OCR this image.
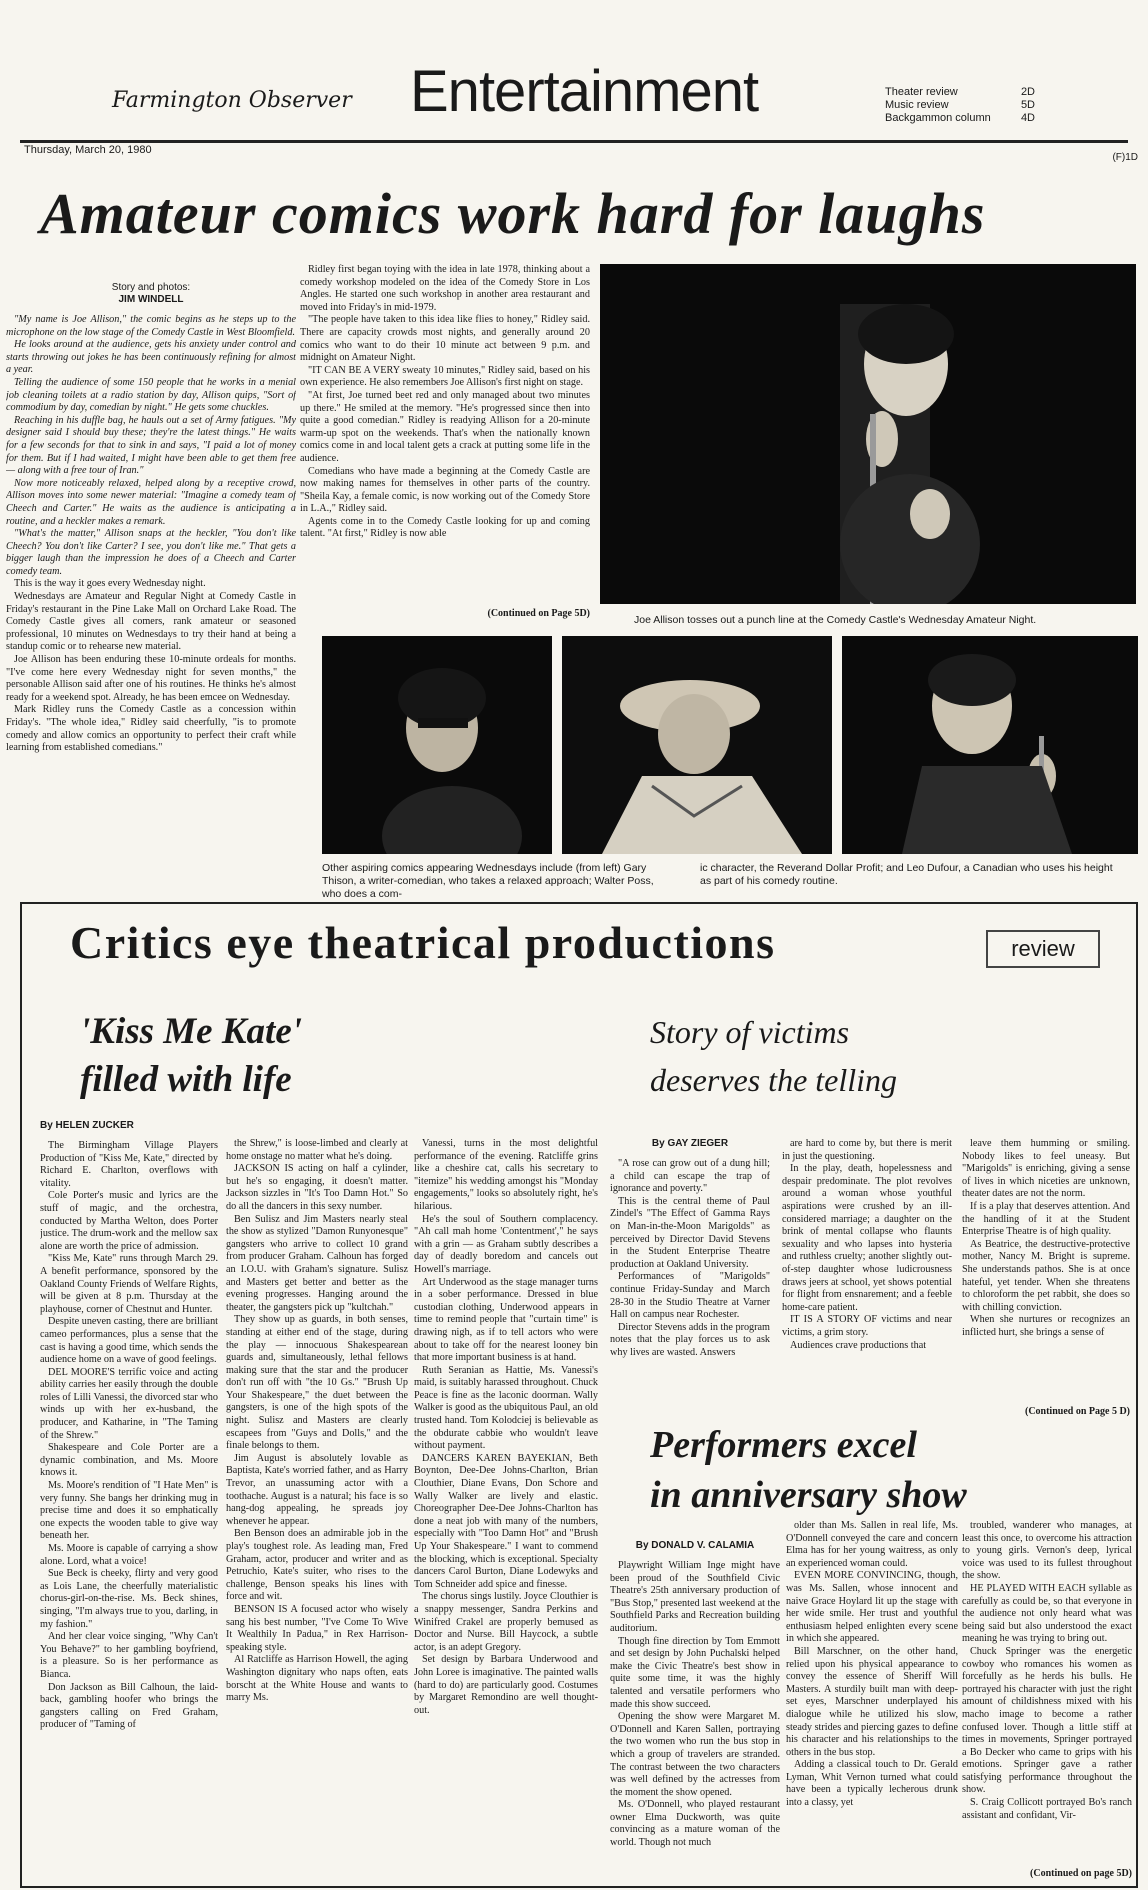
Farmington Observer Entertainment	Theater review	2D
Music review	5D
Backgammon column	4D
Thursday, March 20, 1980
(F)1D
Amateur comics work hard for laughs
Story and photos:
JIM WINDELL

"My name is Joe Allison," the comic begins as he steps up to the microphone on the low stage of the Comedy Castle in West Bloomfield.

He looks around at the audience, gets his anxiety under control and starts throwing out jokes he has been continuously refining for almost a year.

Telling the audience of some 150 people that he works in a menial job cleaning toilets at a radio station by day, Allison quips, "Sort of commodium by day, comedian by night." He gets some chuckles.

Reaching in his duffle bag, he hauls out a set of Army fatigues. "My designer said I should buy these; they're the latest things." He waits for a few seconds for that to sink in and says, "I paid a lot of money for them. But if I had waited, I might have been able to get them free — along with a free tour of Iran."

Now more noticeably relaxed, helped along by a receptive crowd, Allison moves into some newer material: "Imagine a comedy team of Cheech and Carter." He waits as the audience is anticipating a routine, and a heckler makes a remark.

"What's the matter," Allison snaps at the heckler, "You don't like Cheech? You don't like Carter? I see, you don't like me." That gets a bigger laugh than the impression he does of a Cheech and Carter comedy team.

This is the way it goes every Wednesday night.

Wednesdays are Amateur and Regular Night at Comedy Castle in Friday's restaurant in the Pine Lake Mall on Orchard Lake Road. The Comedy Castle gives all comers, rank amateur or seasoned professional, 10 minutes on Wednesdays to try their hand at being a standup comic or to rehearse new material.

Joe Allison has been enduring these 10-minute ordeals for months. "I've come here every Wednesday night for seven months," the personable Allison said after one of his routines. He thinks he's almost ready for a weekend spot. Already, he has been emcee on Wednesday.

Mark Ridley runs the Comedy Castle as a concession within Friday's. "The whole idea," Ridley said cheerfully, "is to promote comedy and allow comics an opportunity to perfect their craft while learning from established comedians."

Ridley first began toying with the idea in late 1978, thinking about a comedy workshop modeled on the idea of the Comedy Store in Los Angles. He started one such workshop in another area restaurant and moved into Friday's in mid-1979.

"The people have taken to this idea like flies to honey," Ridley said. There are capacity crowds most nights, and generally around 20 comics who want to do their 10 minute act between 9 p.m. and midnight on Amateur Night.

"IT CAN BE A VERY sweaty 10 minutes," Ridley said, based on his own experience. He also remembers Joe Allison's first night on stage.

"At first, Joe turned beet red and only managed about two minutes up there." He smiled at the memory. "He's progressed since then into quite a good comedian." Ridley is readying Allison for a 20-minute warm-up spot on the weekends. That's when the nationally known comics come in and local talent gets a crack at putting some life in the audience.

Comedians who have made a beginning at the Comedy Castle are now making names for themselves in other parts of the country. "Sheila Kay, a female comic, is now working out of the Comedy Store in L.A.," Ridley said.

Agents come in to the Comedy Castle looking for up and coming talent. "At first," Ridley is now able

(Continued on Page 5D)
Joe Allison tosses out a punch line at the Comedy Castle's Wednesday Amateur Night.
Other aspiring comics appearing Wednesdays include (from left) Gary Thison, a writer-comedian, who takes a relaxed approach; Walter Poss, who does a com-
ic character, the Reverand Dollar Profit; and Leo Dufour, a Canadian who uses his height as part of his comedy routine.
Critics eye theatrical productions	review
'Kiss Me Kate'
filled with life
By HELEN ZUCKER

The Birmingham Village Players Production of "Kiss Me, Kate," directed by Richard E. Charlton, overflows with vitality.

Cole Porter's music and lyrics are the stuff of magic, and the orchestra, conducted by Martha Welton, does Porter justice. The drum-work and the mellow sax alone are worth the price of admission.

"Kiss Me, Kate" runs through March 29. A benefit performance, sponsored by the Oakland County Friends of Welfare Rights, will be given at 8 p.m. Thursday at the playhouse, corner of Chestnut and Hunter.

Despite uneven casting, there are brilliant cameo performances, plus a sense that the cast is having a good time, which sends the audience home on a wave of good feelings.

DEL MOORE'S terrific voice and acting ability carries her easily through the double roles of Lilli Vanessi, the divorced star who winds up with her ex-husband, the producer, and Katharine, in "The Taming of the Shrew."

Shakespeare and Cole Porter are a dynamic combination, and Ms. Moore knows it.

Ms. Moore's rendition of "I Hate Men" is very funny. She bangs her drinking mug in precise time and does it so emphatically one expects the wooden table to give way beneath her.

Ms. Moore is capable of carrying a show alone. Lord, what a voice!

Sue Beck is cheeky, flirty and very good as Lois Lane, the cheerfully materialistic chorus-girl-on-the-rise. Ms. Beck shines, singing, "I'm always true to you, darling, in my fashion."

And her clear voice singing, "Why Can't You Behave?" to her gambling boyfriend, is a pleasure. So is her performance as Bianca.

Don Jackson as Bill Calhoun, the laid-back, gambling hoofer who brings the gangsters calling on Fred Graham, producer of "Taming of

the Shrew," is loose-limbed and clearly at home onstage no matter what he's doing.

JACKSON IS acting on half a cylinder, but he's so engaging, it doesn't matter. Jackson sizzles in "It's Too Damn Hot." So do all the dancers in this sexy number.

Ben Sulisz and Jim Masters nearly steal the show as stylized "Damon Runyonesque" gangsters who arrive to collect 10 grand from producer Graham. Calhoun has forged an I.O.U. with Graham's signature. Sulisz and Masters get better and better as the evening progresses. Hanging around the theater, the gangsters pick up "kultchah."

They show up as guards, in both senses, standing at either end of the stage, during the play — innocuous Shakespearean guards and, simultaneously, lethal fellows making sure that the star and the producer don't run off with "the 10 Gs." "Brush Up Your Shakespeare," the duet between the gangsters, is one of the high spots of the night. Sulisz and Masters are clearly escapees from "Guys and Dolls," and the finale belongs to them.

Jim August is absolutely lovable as Baptista, Kate's worried father, and as Harry Trevor, an unassuming actor with a toothache. August is a natural; his face is so hang-dog appealing, he spreads joy whenever he appear.

Ben Benson does an admirable job in the play's toughest role. As leading man, Fred Graham, actor, producer and writer and as Petruchio, Kate's suiter, who rises to the challenge, Benson speaks his lines with force and wit.

BENSON IS A focused actor who wisely sang his best number, "I've Come To Wive It Wealthily In Padua," in Rex Harrison-speaking style.

Al Ratcliffe as Harrison Howell, the aging Washington dignitary who naps often, eats borscht at the White House and wants to marry Ms.

Vanessi, turns in the most delightful performance of the evening. Ratcliffe grins like a cheshire cat, calls his secretary to "itemize" his wedding amongst his "Monday engagements," looks so absolutely right, he's hilarious.

He's the soul of Southern complacency. "Ah call mah home 'Contentment'," he says with a grin — as Graham subtly describes a day of deadly boredom and cancels out Howell's marriage.

Art Underwood as the stage manager turns in a sober performance. Dressed in blue custodian clothing, Underwood appears in time to remind people that "curtain time" is drawing nigh, as if to tell actors who were about to take off for the nearest looney bin that more important business is at hand.

Ruth Seranian as Hattie, Ms. Vanessi's maid, is suitably harassed throughout. Chuck Peace is fine as the laconic doorman. Wally Walker is good as the ubiquitous Paul, an old trusted hand. Tom Kolodciej is believable as the obdurate cabbie who wouldn't leave without payment.

DANCERS KAREN BAYEKIAN, Beth Boynton, Dee-Dee Johns-Charlton, Brian Clouthier, Diane Evans, Don Schore and Wally Walker are lively and elastic. Choreographer Dee-Dee Johns-Charlton has done a neat job with many of the numbers, especially with "Too Damn Hot" and "Brush Up Your Shakespeare." I want to commend the blocking, which is exceptional. Specialty dancers Carol Burton, Diane Lodewyks and Tom Schneider add spice and finesse.

The chorus sings lustily. Joyce Clouthier is a snappy messenger, Sandra Perkins and Winifred Crakel are properly bemused as Doctor and Nurse. Bill Haycock, a subtle actor, is an adept Gregory.

Set design by Barbara Underwood and John Loree is imaginative. The painted walls (hard to do) are particularly good. Costumes by Margaret Remondino are well thought-out.

Story of victims
deserves the telling
By GAY ZIEGER

"A rose can grow out of a dung hill; a child can escape the trap of ignorance and poverty."

This is the central theme of Paul Zindel's "The Effect of Gamma Rays on Man-in-the-Moon Marigolds" as perceived by Director David Stevens in the Student Enterprise Theatre production at Oakland University.

Performances of "Marigolds" continue Friday-Sunday and March 28-30 in the Studio Theatre at Varner Hall on campus near Rochester.

Director Stevens adds in the program notes that the play forces us to ask why lives are wasted. Answers

are hard to come by, but there is merit in just the questioning.

In the play, death, hopelessness and despair predominate. The plot revolves around a woman whose youthful aspirations were crushed by an ill-considered marriage; a daughter on the brink of mental collapse who flaunts sexuality and who lapses into hysteria and ruthless cruelty; another slightly out-of-step daughter whose ludicrousness draws jeers at school, yet shows potential for flight from ensnarement; and a feeble home-care patient.

IT IS A STORY OF victims and near victims, a grim story.

Audiences crave productions that

leave them humming or smiling. Nobody likes to feel uneasy. But "Marigolds" is enriching, giving a sense of lives in which niceties are unknown, theater dates are not the norm.

If is a play that deserves attention. And the handling of it at the Student Enterprise Theatre is of high quality.

As Beatrice, the destructive-protective mother, Nancy M. Bright is supreme. She understands pathos. She is at once hateful, yet tender. When she threatens to chloroform the pet rabbit, she does so with chilling conviction.

When she nurtures or recognizes an inflicted hurt, she brings a sense of

(Continued on Page 5 D)
Performers excel
in anniversary show
By DONALD V. CALAMIA

Playwright William Inge might have been proud of the Southfield Civic Theatre's 25th anniversary production of "Bus Stop," presented last weekend at the Southfield Parks and Recreation building auditorium.

Though fine direction by Tom Emmott and set design by John Puchalski helped make the Civic Theatre's best show in quite some time, it was the highly talented and versatile performers who made this show succeed.

Opening the show were Margaret M. O'Donnell and Karen Sallen, portraying the two women who run the bus stop in which a group of travelers are stranded. The contrast between the two characters was well defined by the actresses from the moment the show opened.

Ms. O'Donnell, who played restaurant owner Elma Duckworth, was quite convincing as a mature woman of the world. Though not much

older than Ms. Sallen in real life, Ms. O'Donnell conveyed the care and concern Elma has for her young waitress, as only an experienced woman could.

EVEN MORE CONVINCING, though, was Ms. Sallen, whose innocent and naive Grace Hoylard lit up the stage with her wide smile. Her trust and youthful enthusiasm helped enlighten every scene in which she appeared.

Bill Marschner, on the other hand, relied upon his physical appearance to convey the essence of Sheriff Will Masters. A sturdily built man with deep-set eyes, Marschner underplayed his dialogue while he utilized his slow, steady strides and piercing gazes to define his character and his relationships to the others in the bus stop.

Adding a classical touch to Dr. Gerald Lyman, Whit Vernon turned what could have been a typically lecherous drunk into a classy, yet

troubled, wanderer who manages, at least this once, to overcome his attraction to young girls. Vernon's deep, lyrical voice was used to its fullest throughout the show.

HE PLAYED WITH EACH syllable as carefully as could be, so that everyone in the audience not only heard what was being said but also understood the exact meaning he was trying to bring out.

Chuck Springer was the energetic cowboy who romances his women as forcefully as he herds his bulls. He portrayed his character with just the right amount of childishness mixed with his macho image to become a rather confused lover. Though a little stiff at times in movements, Springer portrayed a Bo Decker who came to grips with his emotions. Springer gave a rather satisfying performance throughout the show.

S. Craig Collicott portrayed Bo's ranch assistant and confidant, Vir-

(Continued on page 5D)
